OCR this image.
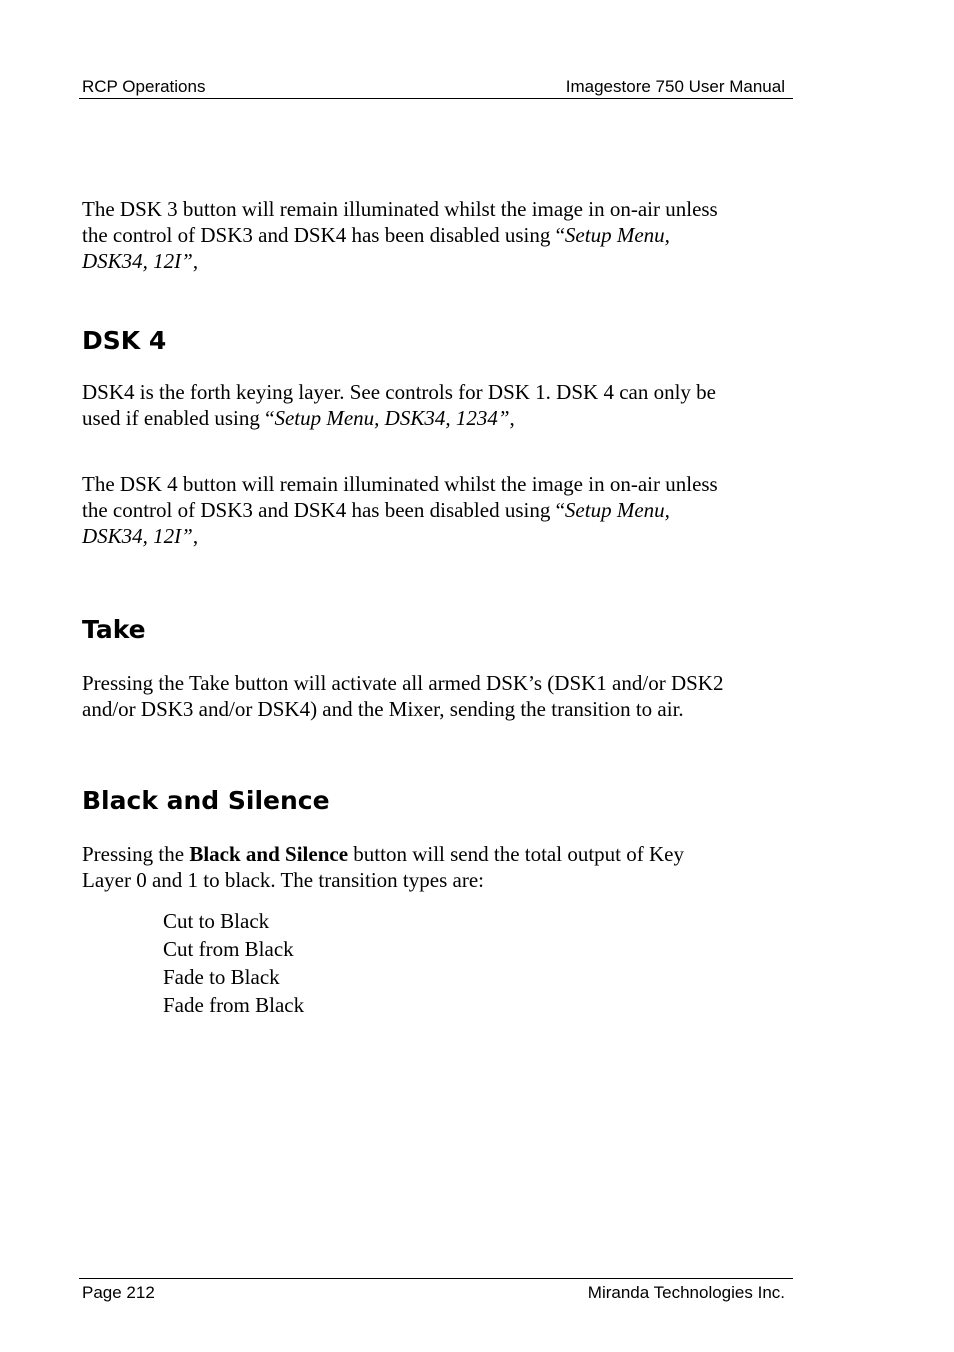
RCP Operations	Imagestore 750 User Manual

The DSK 3 button will remain illuminated whilst the image in on-air unless
the control of DSK3 and DSK4 has been disabled using “Setup Menu,
DSK34, 12I”,

DSK 4

DSK4 is the forth keying layer. See controls for DSK 1. DSK 4 can only be
used if enabled using “Setup Menu, DSK34, 1234”,

The DSK 4 button will remain illuminated whilst the image in on-air unless
the control of DSK3 and DSK4 has been disabled using “Setup Menu,
DSK34, 12I”,

Take

Pressing the Take button will activate all armed DSK’s (DSK1 and/or DSK2
and/or DSK3 and/or DSK4) and the Mixer, sending the transition to air.

Black and Silence

Pressing the Black and Silence button will send the total output of Key
Layer 0 and 1 to black. The transition types are:

Cut to Black
Cut from Black
Fade to Black
Fade from Black
Page 212	Miranda Technologies Inc.
